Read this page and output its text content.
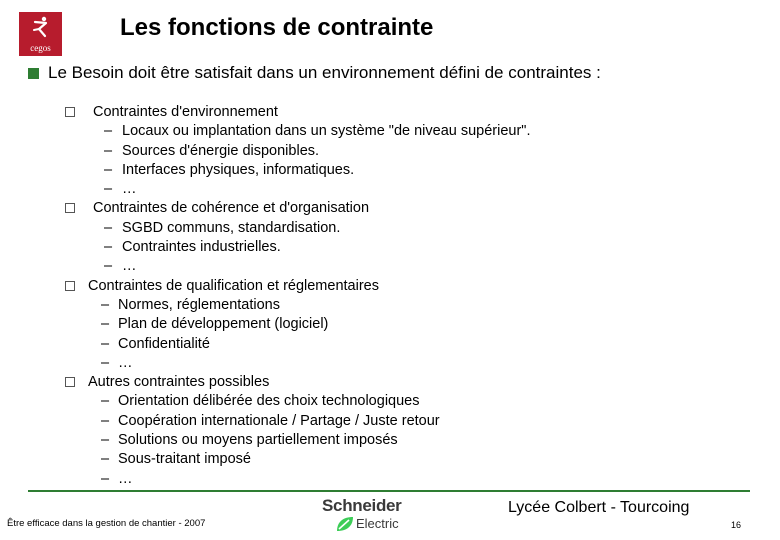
cegos
Les fonctions de contrainte
Le Besoin doit être satisfait dans un environnement défini de contraintes :
Contraintes d'environnement
– Locaux ou implantation dans un système "de niveau supérieur".
– Sources d'énergie disponibles.
– Interfaces physiques, informatiques.
– …
Contraintes de cohérence et d'organisation
– SGBD communs, standardisation.
– Contraintes industrielles.
– …
Contraintes de qualification et réglementaires
– Normes, réglementations
– Plan de développement (logiciel)
– Confidentialité
– …
Autres contraintes possibles
– Orientation délibérée des choix technologiques
– Coopération internationale / Partage / Juste retour
– Solutions ou moyens partiellement imposés
– Sous-traitant imposé
– …
Être efficace dans la gestion de chantier - 2007
Schneider
Electric
Lycée Colbert - Tourcoing
16
